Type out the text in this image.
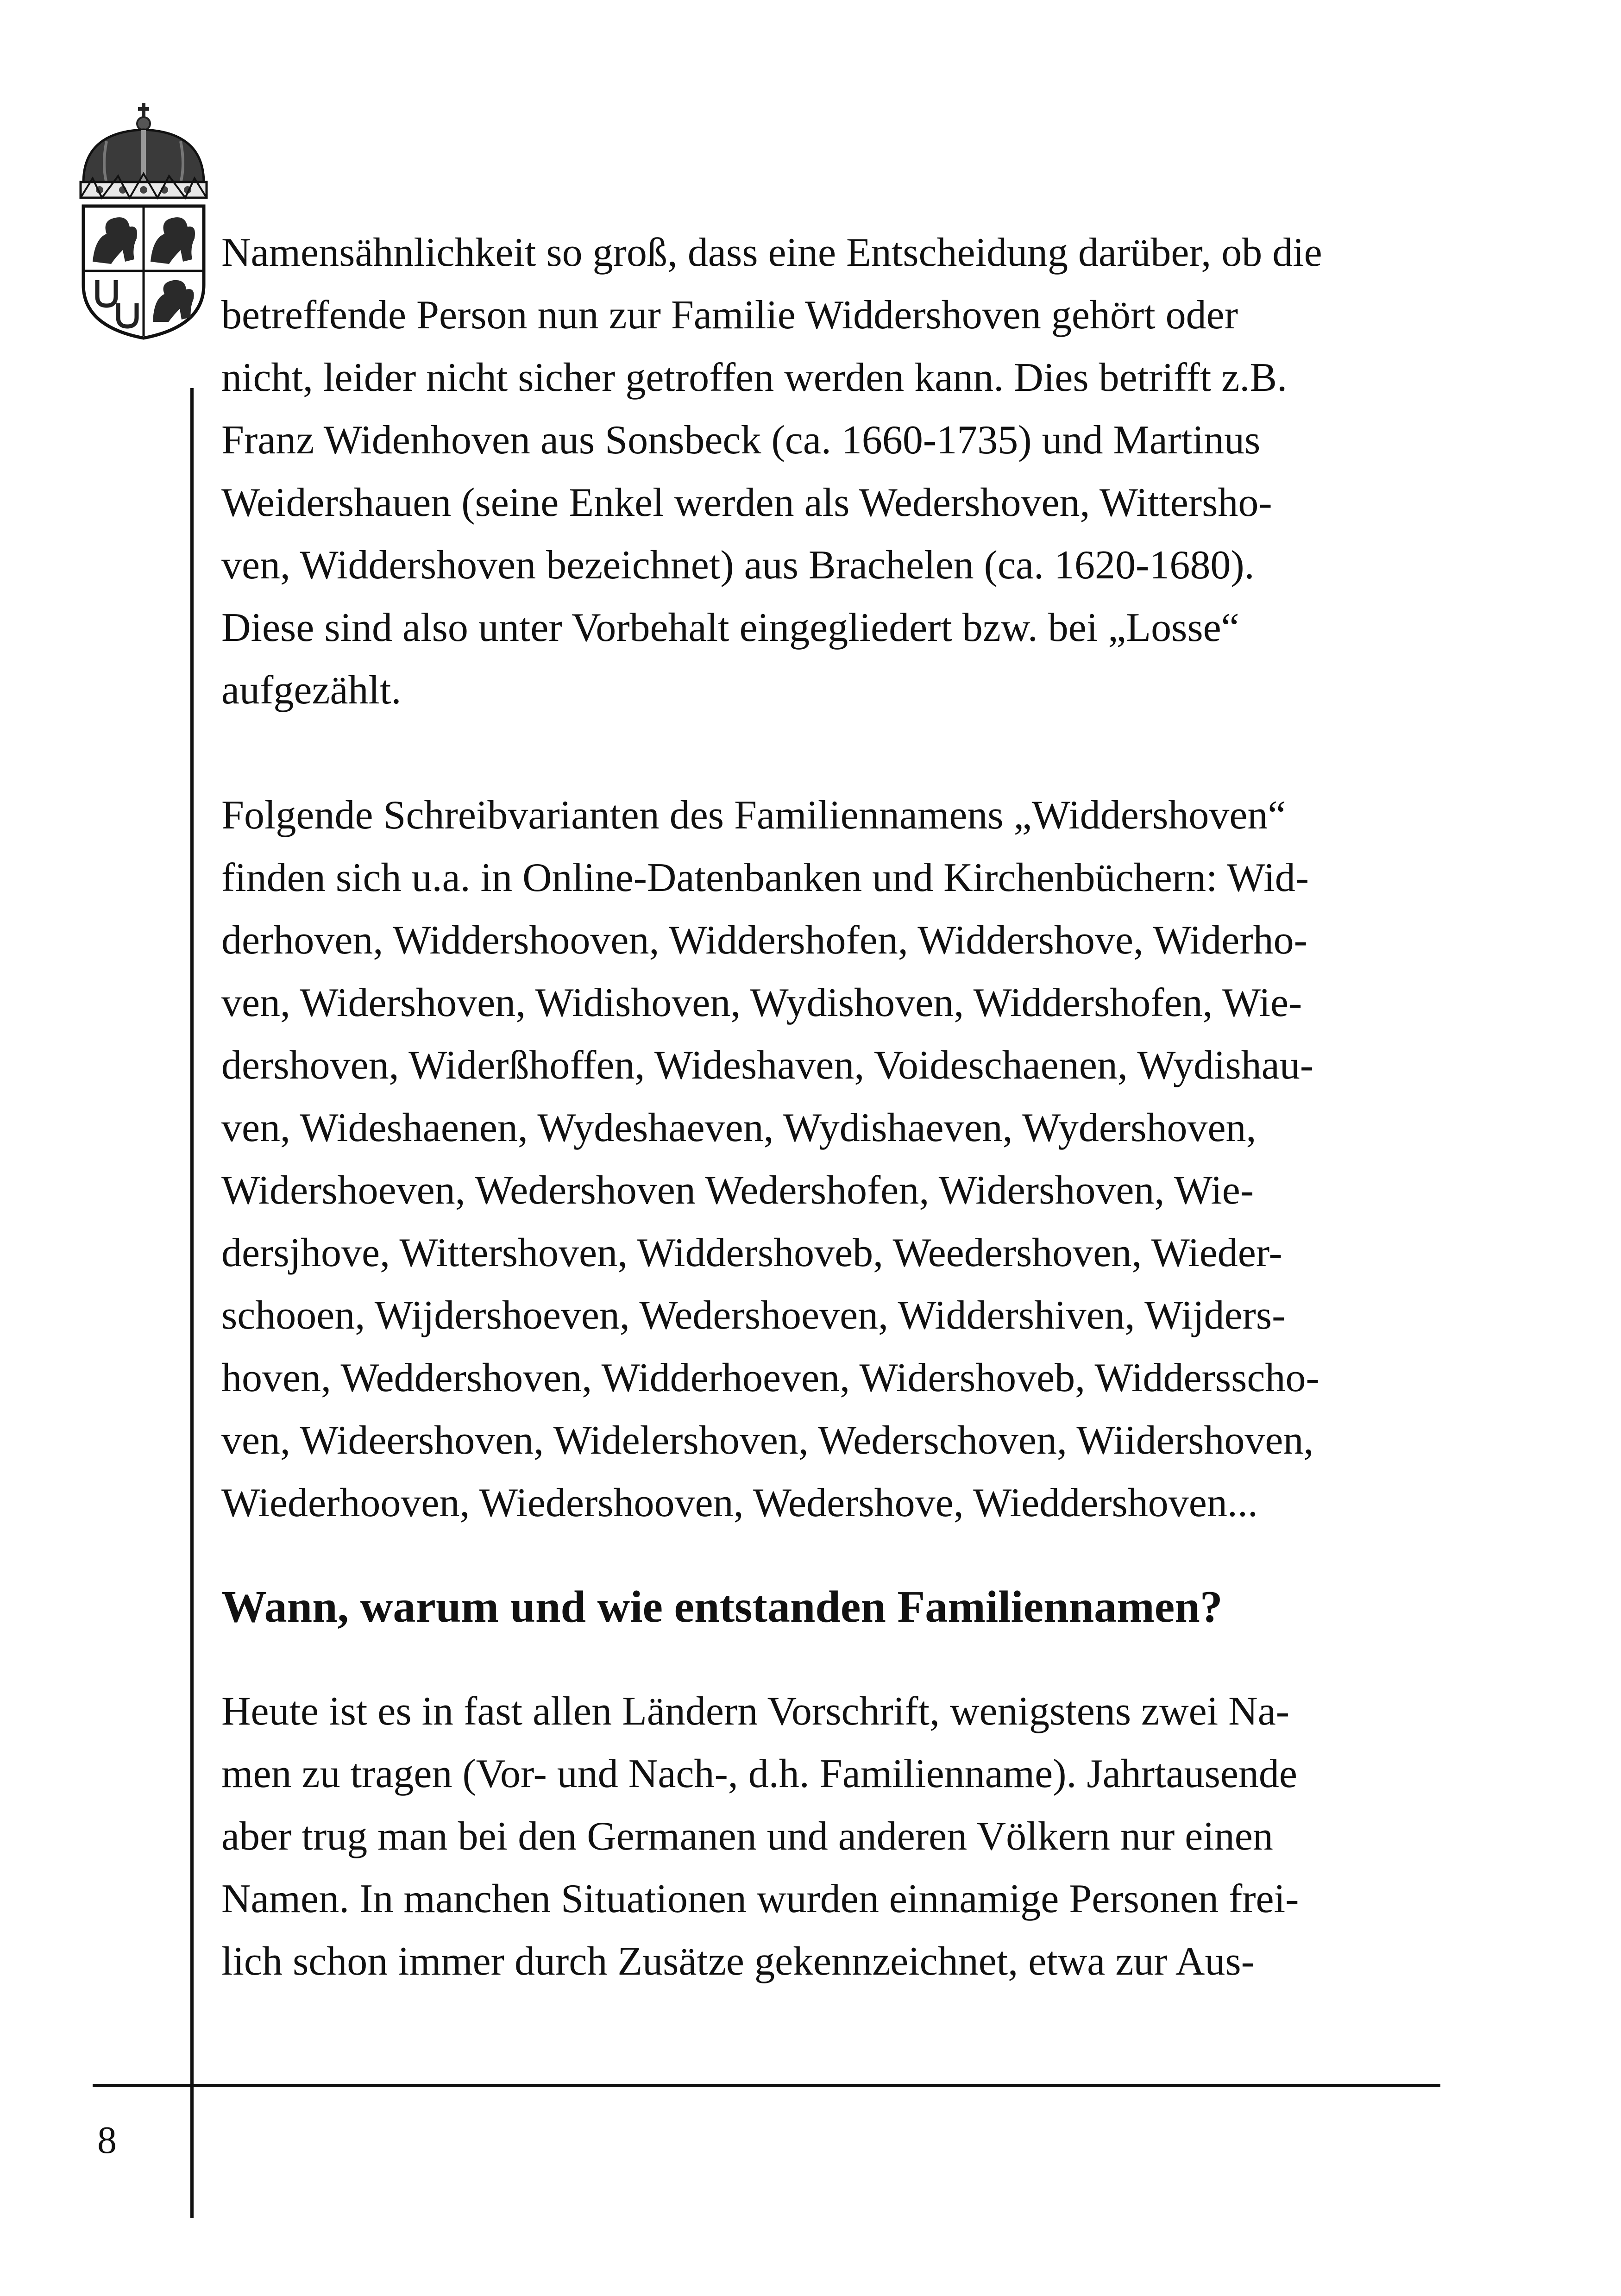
8

Namensähnlichkeit so groß, dass eine Entscheidung darüber, ob die
betreffende Person nun zur Familie Widdershoven gehört oder
nicht, leider nicht sicher getroffen werden kann. Dies betrifft z.B.
Franz Widenhoven aus Sonsbeck (ca. 1660-1735) und Martinus
Weidershauen (seine Enkel werden als Wedershoven, Wittersho-
ven, Widdershoven bezeichnet) aus Brachelen (ca. 1620-1680).
Diese sind also unter Vorbehalt eingegliedert bzw. bei „Losse“
aufgezählt.

Folgende Schreibvarianten des Familiennamens „Widdershoven“
finden sich u.a. in Online-Datenbanken und Kirchenbüchern: Wid-
derhoven, Widdershooven, Widdershofen, Widdershove, Widerho-
ven, Widershoven, Widishoven, Wydishoven, Widdershofen, Wie-
dershoven, Widerßhoffen, Wideshaven, Voideschaenen, Wydishau-
ven, Wideshaenen, Wydeshaeven, Wydishaeven, Wydershoven,
Widershoeven, Wedershoven Wedershofen, Widershoven, Wie-
dersjhove, Wittershoven, Widdershoveb, Weedershoven, Wieder-
schooen, Wijdershoeven, Wedershoeven, Widdershiven, Wijders-
hoven, Weddershoven, Widderhoeven, Widershoveb, Widdersscho-
ven, Wideershoven, Widelershoven, Wederschoven, Wiidershoven,
Wiederhooven, Wiedershooven, Wedershove, Wieddershoven...

Wann, warum und wie entstanden Familiennamen?

Heute ist es in fast allen Ländern Vorschrift, wenigstens zwei Na-
men zu tragen (Vor- und Nach-, d.h. Familienname). Jahrtausende
aber trug man bei den Germanen und anderen Völkern nur einen
Namen. In manchen Situationen wurden einnamige Personen frei-
lich schon immer durch Zusätze gekennzeichnet, etwa zur Aus-
